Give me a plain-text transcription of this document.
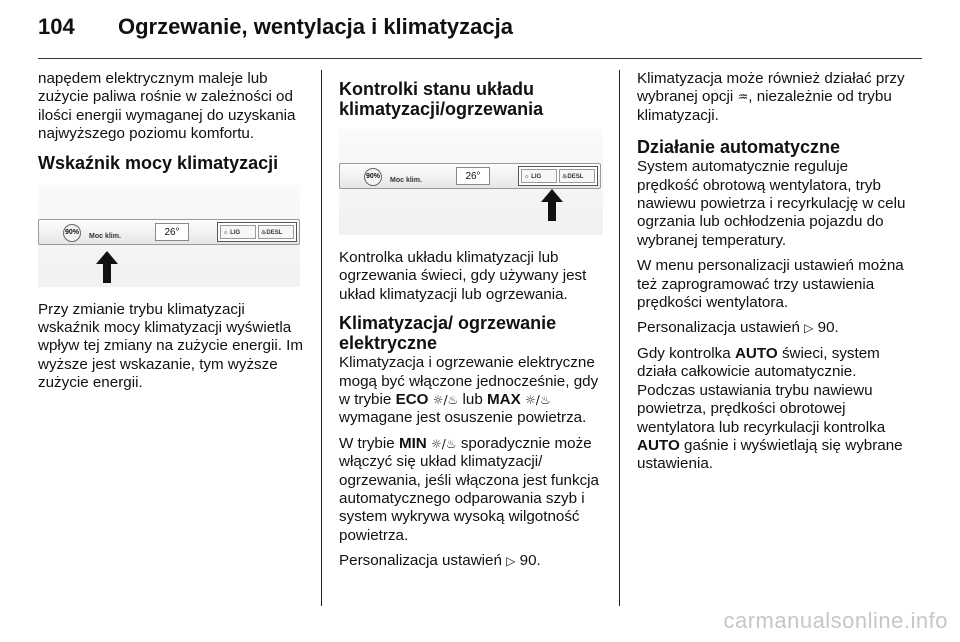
104 Ogrzewanie, wentylacja i klimatyzacja

napędem elektrycznym maleje lub zużycie paliwa rośnie w zależności od ilości energii wymaganej do uzyskania najwyższego poziomu komfortu.

Wskaźnik mocy klimatyzacji
90%
Moc klim.	26°	☼ LIG	♨DESL

Przy zmianie trybu klimatyzacji wskaźnik mocy klimatyzacji wyświetla wpływ tej zmiany na zużycie energii. Im wyższe jest wskazanie, tym wyższe zużycie energii.

Kontrolki stanu układu klimatyzacji/ogrzewania
90%
Moc klim.	26°	☼ LIG	♨DESL

Kontrolka układu klimatyzacji lub ogrzewania świeci, gdy używany jest układ klimatyzacji lub ogrzewania.

Klimatyzacja/ ogrzewanie elektryczne

Klimatyzacja i ogrzewanie elektryczne mogą być włączone jednocześnie, gdy w trybie ECO ☼/♨ lub MAX ☼/♨ wymagane jest osuszenie powietrza.

W trybie MIN ☼/♨ sporadycznie może włączyć się układ klimatyzacji/ ogrzewania, jeśli włączona jest funkcja automatycznego odparowania szyb i system wykrywa wysoką wilgotność powietrza.

Personalizacja ustawień ▷ 90.

Klimatyzacja może również działać przy wybranej opcji ♒, niezależnie od trybu klimatyzacji.

Działanie automatyczne

System automatycznie reguluje prędkość obrotową wentylatora, tryb nawiewu powietrza i recyrkulację w celu ogrzania lub ochłodzenia pojazdu do wybranej temperatury.

W menu personalizacji ustawień można też zaprogramować trzy ustawienia prędkości wentylatora.

Personalizacja ustawień ▷ 90.

Gdy kontrolka AUTO świeci, system działa całkowicie automatycznie. Podczas ustawiania trybu nawiewu powietrza, prędkości obrotowej wentylatora lub recyrkulacji kontrolka AUTO gaśnie i wyświetlają się wybrane ustawienia.

carmanualsonline.info
